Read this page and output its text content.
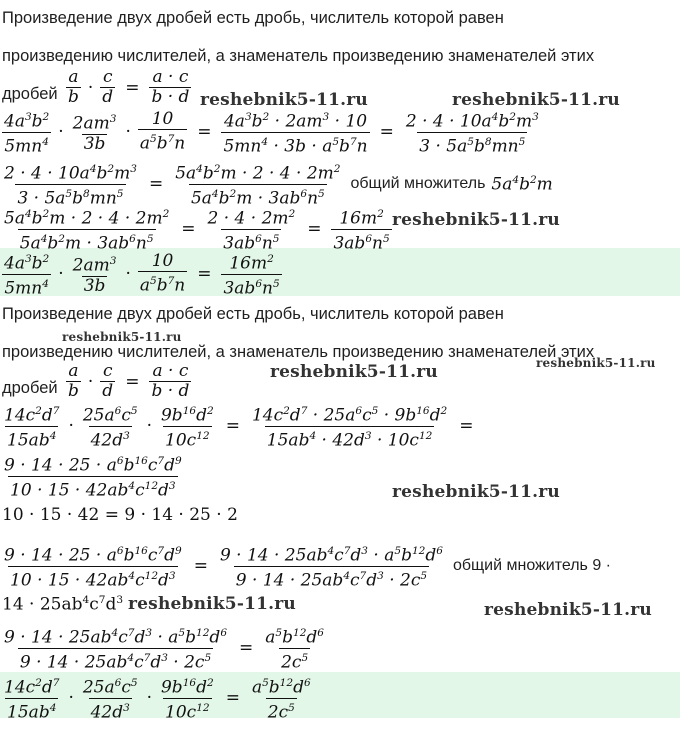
Произведение двух дробей есть дробь, числитель которой равен
произведению числителей, а знаменатель произведению знаменателей этих
дробей $\frac{a}{b} \cdot \frac{c}{d} = \frac{a \cdot c}{b \cdot d}$
$\frac{4a^3b^2}{5mn^4} \cdot \frac{2am^3}{3b} \cdot \frac{10}{a^5b^7n} = \frac{4a^3b^2 \cdot 2am^3 \cdot 10}{5mn^4 \cdot 3b \cdot a^5b^7n} = \frac{2 \cdot 4 \cdot 10a^4b^2m^3}{3 \cdot 5a^5b^8mn^5}$
$\frac{2 \cdot 4 \cdot 10a^4b^2m^3}{3 \cdot 5a^5b^8mn^5} = \frac{5a^4b^2m \cdot 2 \cdot 4 \cdot 2m^2}{5a^4b^2m \cdot 3ab^6n^5}$ общий множитель $5a^4b^2m$
$\frac{5a^4b^2m \cdot 2 \cdot 4 \cdot 2m^2}{5a^4b^2m \cdot 3ab^6n^5} = \frac{2 \cdot 4 \cdot 2m^2}{3ab^6n^5} = \frac{16m^2}{3ab^6n^5}$
$\frac{4a^3b^2}{5mn^4} \cdot \frac{2am^3}{3b} \cdot \frac{10}{a^5b^7n} = \frac{16m^2}{3ab^6n^5}$
Произведение двух дробей есть дробь, числитель которой равен
произведению числителей, а знаменатель произведению знаменателей этих
дробей $\frac{a}{b} \cdot \frac{c}{d} = \frac{a \cdot c}{b \cdot d}$
$\frac{14c^2d^7}{15ab^4} \cdot \frac{25a^6c^5}{42d^3} \cdot \frac{9b^{16}d^2}{10c^{12}} = \frac{14c^2d^7 \cdot 25a^6c^5 \cdot 9b^{16}d^2}{15ab^4 \cdot 42d^3 \cdot 10c^{12}}$ =
$\frac{9 \cdot 14 \cdot 25 \cdot a^6b^{16}c^7d^9}{10 \cdot 15 \cdot 42ab^4c^{12}d^3}$
10 · 15 · 42 = 9 · 14 · 25 · 2
$\frac{9 \cdot 14 \cdot 25 \cdot a^6b^{16}c^7d^9}{10 \cdot 15 \cdot 42ab^4c^{12}d^3} = \frac{9 \cdot 14 \cdot 25ab^4c^7d^3 \cdot a^5b^{12}d^6}{9 \cdot 14 \cdot 25ab^4c^7d^3 \cdot 2c^5}$ общий множитель 9 ·
$14 \cdot 25ab^4c^7d^3$
$\frac{9 \cdot 14 \cdot 25ab^4c^7d^3 \cdot a^5b^{12}d^6}{9 \cdot 14 \cdot 25ab^4c^7d^3 \cdot 2c^5} = \frac{a^5b^{12}d^6}{2c^5}$
$\frac{14c^2d^7}{15ab^4} \cdot \frac{25a^6c^5}{42d^3} \cdot \frac{9b^{16}d^2}{10c^{12}} = \frac{a^5b^{12}d^6}{2c^5}$
reshebnik5-11.ru	reshebnik5-11.ru
reshebnik5-11.ru
reshebnik5-11.ru
reshebnik5-11.ru	reshebnik5-11.ru
reshebnik5-11.ru
reshebnik5-11.ru	reshebnik5-11.ru
